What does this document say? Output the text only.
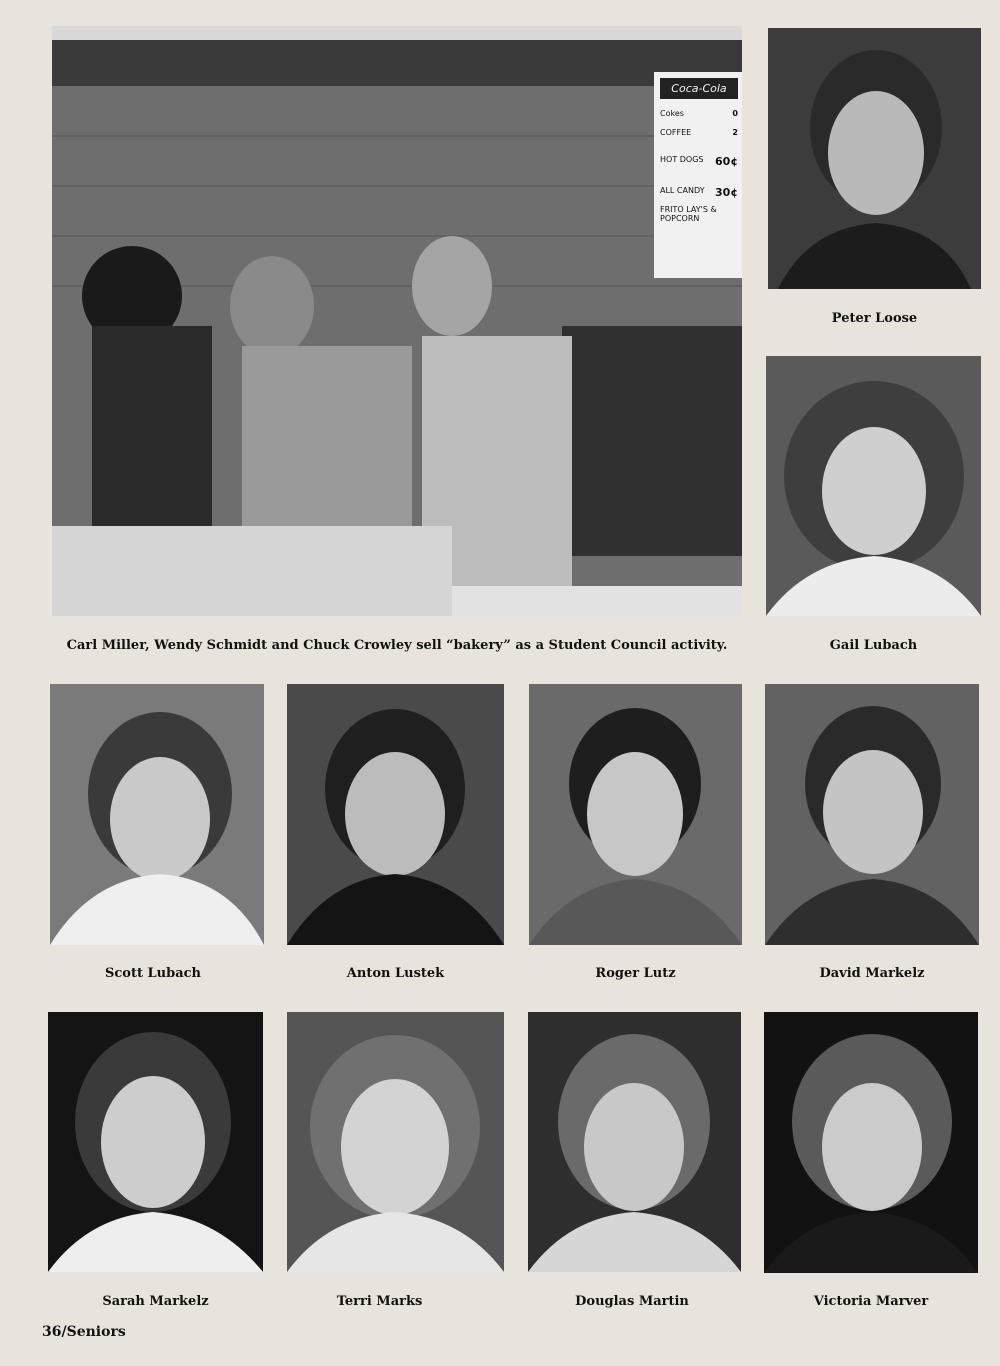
Coca-Cola
Cokes	0
COFFEE	2
HOT DOGS 60¢
ALL CANDY 30¢
FRITO LAY'S & POPCORN
Carl Miller, Wendy Schmidt and Chuck Crowley sell “bakery” as a Student Council activity.
Peter Loose
Gail Lubach
Scott Lubach	Anton Lustek	Roger Lutz	David Markelz
Sarah Markelz	Terri Marks	Douglas Martin	Victoria Marver
36/Seniors
